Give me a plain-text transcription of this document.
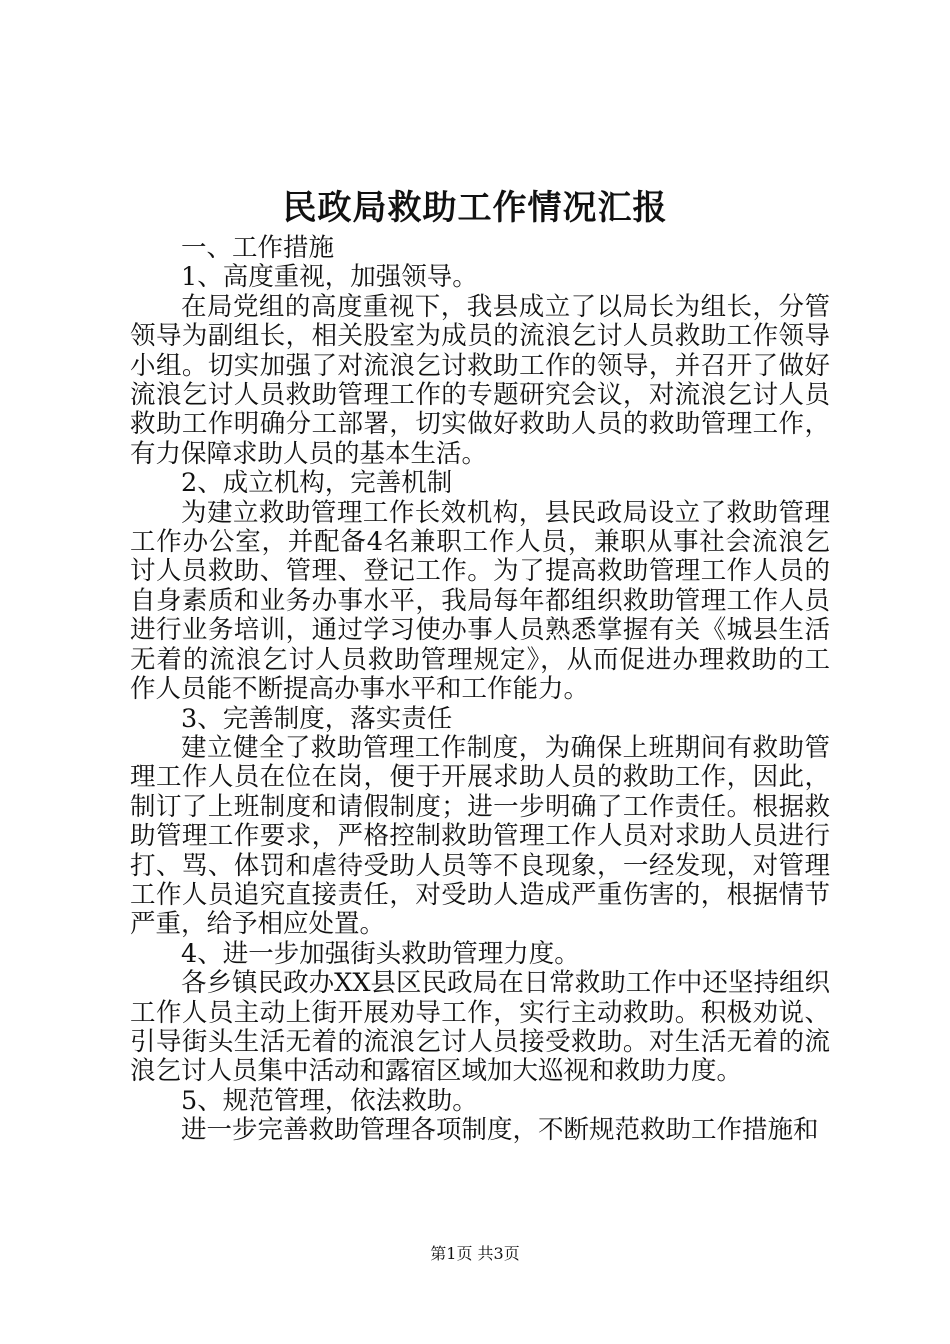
民政局救助工作情况汇报

一、工作措施

1、高度重视，加强领导。

在局党组的高度重视下，我县成立了以局长为组长，分管领导为副组长，相关股室为成员的流浪乞讨人员救助工作领导小组。切实加强了对流浪乞讨救助工作的领导，并召开了做好流浪乞讨人员救助管理工作的专题研究会议，对流浪乞讨人员救助工作明确分工部署，切实做好救助人员的救助管理工作，有力保障求助人员的基本生活。

2、成立机构，完善机制

为建立救助管理工作长效机构，县民政局设立了救助管理工作办公室，并配备4名兼职工作人员，兼职从事社会流浪乞讨人员救助、管理、登记工作。为了提高救助管理工作人员的自身素质和业务办事水平，我局每年都组织救助管理工作人员进行业务培训，通过学习使办事人员熟悉掌握有关《城县生活无着的流浪乞讨人员救助管理规定》，从而促进办理救助的工作人员能不断提高办事水平和工作能力。

3、完善制度，落实责任

建立健全了救助管理工作制度，为确保上班期间有救助管理工作人员在位在岗，便于开展求助人员的救助工作，因此，制订了上班制度和请假制度；进一步明确了工作责任。根据救助管理工作要求，严格控制救助管理工作人员对求助人员进行打、骂、体罚和虐待受助人员等不良现象，一经发现，对管理工作人员追究直接责任，对受助人造成严重伤害的，根据情节严重，给予相应处置。

4、进一步加强街头救助管理力度。

各乡镇民政办XX县区民政局在日常救助工作中还坚持组织工作人员主动上街开展劝导工作，实行主动救助。积极劝说、引导街头生活无着的流浪乞讨人员接受救助。对生活无着的流浪乞讨人员集中活动和露宿区域加大巡视和救助力度。

5、规范管理，依法救助。

进一步完善救助管理各项制度，不断规范救助工作措施和

第1页 共3页
